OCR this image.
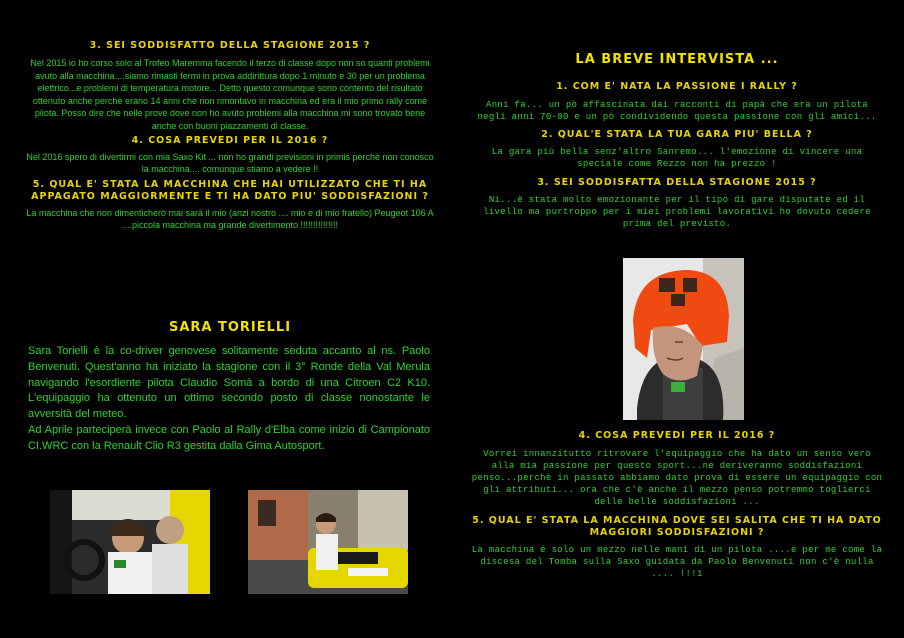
3. SEI SODDISFATTO DELLA STAGIONE 2015 ?

Nel 2015 io ho corso solo al Trofeo Maremma facendo il terzo di classe dopo non so quanti problemi avuto alla macchina....siamo rimasti fermi in prova addirittura dopo 1 minuto e 30 per un problema elettrico...e problemi di temperatura motore... Detto questo comunque sono contento del risultato ottenuto anche perchè erano 14 anni che non rimontavo in macchina ed era il mio primo rally come pilota. Posso dire che nelle prove dove non ho avuto problemi alla macchina mi sono trovato bene anche con buoni piazzamenti di classe.

4. COSA PREVEDI PER IL 2016 ?

Nel 2016 spero di divertirmi con mia Saxo Kit ... non ho grandi previsioni in primis perchè non conosco la macchina.... comunque stiamo a vedere !!

5. QUAL E' STATA LA MACCHINA CHE HAI UTILIZZATO CHE TI HA APPAGATO MAGGIORMENTE E TI HA DATO PIU' SODDISFAZIONI ?

La macchina che non dimenticherò mai sarà il mio (anzi nostro .... mio e di mio fratello) Peugeot 106 A ....piccola macchina ma grande divertimento !!!!!!!!!!!!!!!

SARA TORIELLI

Sara Torielli è la co-driver genovese solitamente seduta accanto al ns. Paolo Benvenuti. Quest'anno ha iniziato la stagione con il 3° Ronde della Val Merula navigando l'esordiente pilota Claudio Somà a bordo di una Citroen C2 K10. L'equipaggio ha ottenuto un ottimo secondo posto di classe nonostante le avversità del meteo.

Ad Aprile parteciperà invece con Paolo al Rally d'Elba come inizio di Campionato CI.WRC con la Renault Clio R3 gestita dalla Gima Autosport.

LA BREVE INTERVISTA ...

1. COM E' NATA LA PASSIONE I RALLY ?

Anni fa... un pò affascinata dai racconti di papà che era un pilota negli anni 70-80 e un pò condividendo questa passione con gli amici...

2. QUAL'E STATA LA TUA GARA PIU' BELLA ?

La gara più bella senz'altro Sanremo... l'emozione di vincere una speciale come Rezzo non ha prezzo !

3. SEI SODDISFATTA DELLA STAGIONE 2015 ?

Ni...è stata molto emozionante per il tipo di gare disputate ed il livello ma purtroppo per i miei problemi lavorativi ho dovuto cedere prima del previsto.

4. COSA PREVEDI PER IL 2016 ?

Vorrei innanzitutto ritrovare l'equipaggio che ha dato un senso vero alla mia passione per questo sport...ne deriveranno soddisfazioni penso...perchè in passato abbiamo dato prova di essere un equipaggio con gli attributi... ora che c'è anche il mezzo penso potremmo togliercі delle belle soddisfazioni ...

5. QUAL E' STATA LA MACCHINA DOVE SEI SALITA CHE TI HA DATO MAGGIORI SODDISFAZIONI ?

La macchina è solo un mezzo nelle mani di un pilota ....e per me come la discesa del Tomba sulla Saxo guidata da Paolo Benvenuti non c'è nulla .... !!!1
